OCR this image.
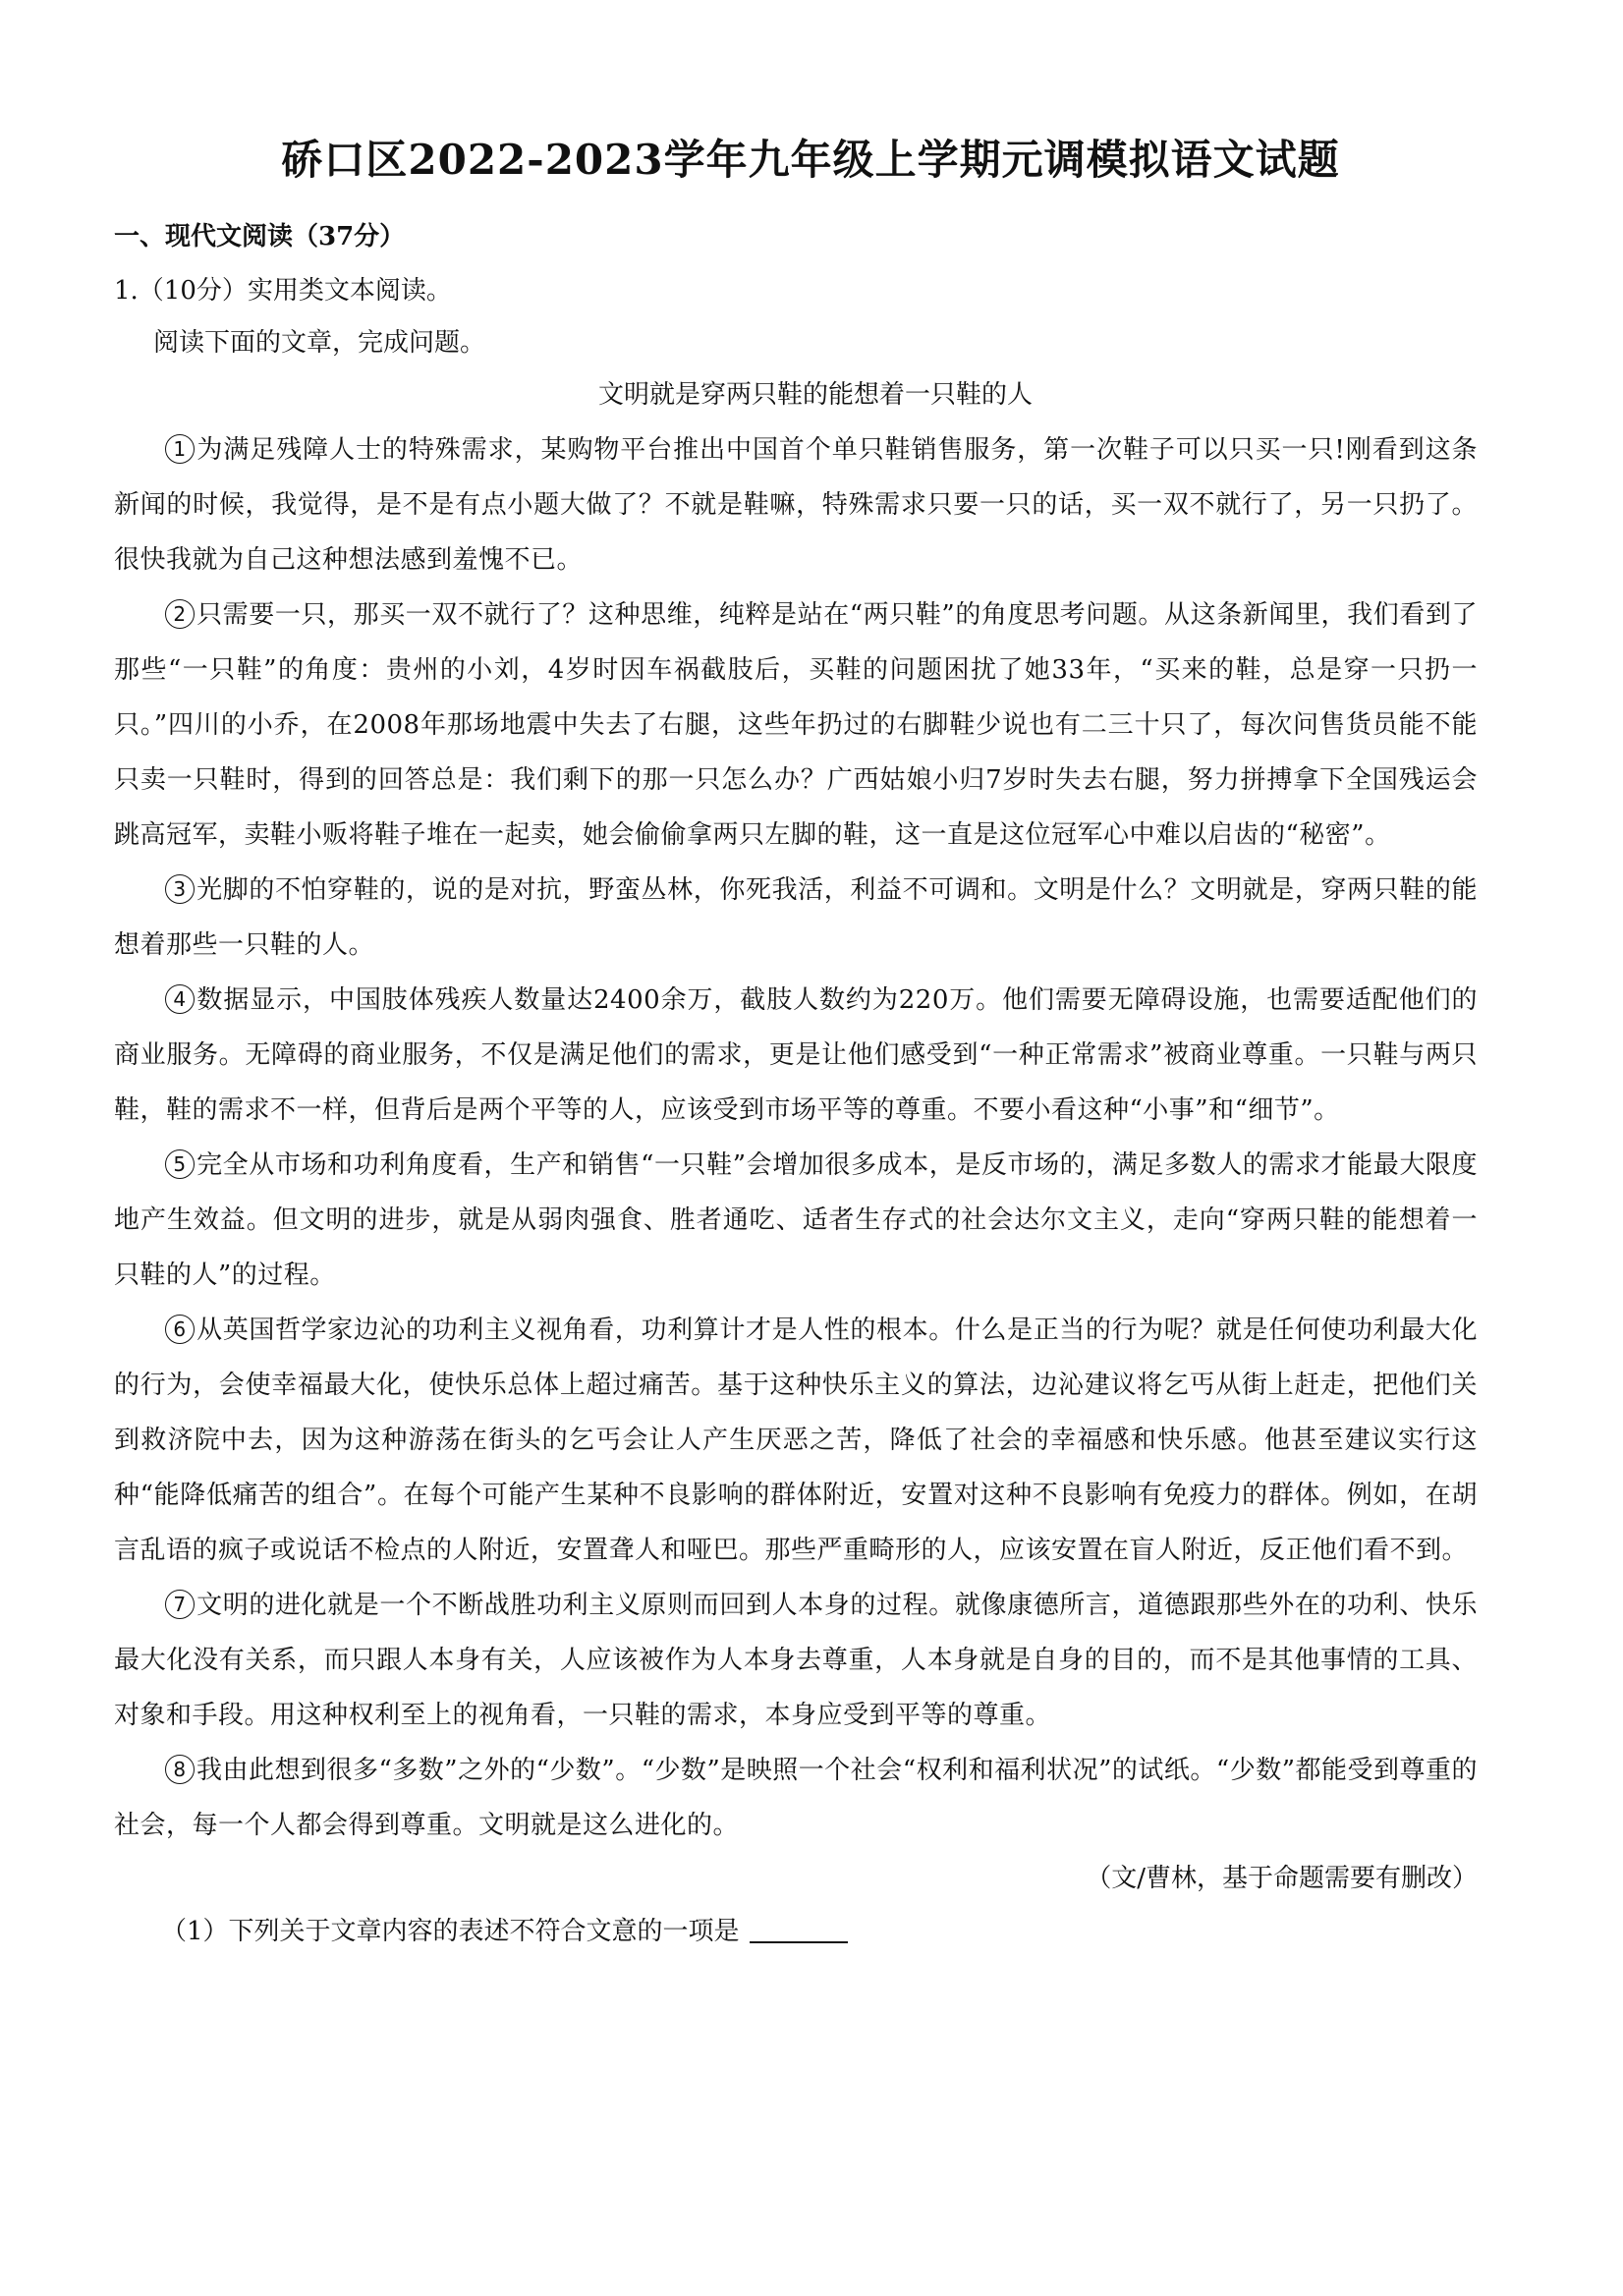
硚口区2022-2023学年九年级上学期元调模拟语文试题
一、现代文阅读（37分）
1.（10分）实用类文本阅读。
阅读下面的文章，完成问题。
文明就是穿两只鞋的能想着一只鞋的人

1 为满足残障人士的特殊需求，某购物平台推出中国首个单只鞋销售服务，第一次鞋子可以只买一只!刚看到这条新闻的时候，我觉得，是不是有点小题大做了？不就是鞋嘛，特殊需求只要一只的话，买一双不就行了，另一只扔了。很快我就为自己这种想法感到羞愧不已。

2 只需要一只，那买一双不就行了？这种思维，纯粹是站在“两只鞋”的角度思考问题。从这条新闻里，我们看到了那些“一只鞋”的角度：贵州的小刘，4岁时因车祸截肢后，买鞋的问题困扰了她33年，“买来的鞋，总是穿一只扔一只。”四川的小乔，在2008年那场地震中失去了右腿，这些年扔过的右脚鞋少说也有二三十只了，每次问售货员能不能只卖一只鞋时，得到的回答总是：我们剩下的那一只怎么办？广西姑娘小归7岁时失去右腿，努力拼搏拿下全国残运会跳高冠军，卖鞋小贩将鞋子堆在一起卖，她会偷偷拿两只左脚的鞋，这一直是这位冠军心中难以启齿的“秘密”。

3 光脚的不怕穿鞋的，说的是对抗，野蛮丛林，你死我活，利益不可调和。文明是什么？文明就是，穿两只鞋的能想着那些一只鞋的人。

4 数据显示，中国肢体残疾人数量达2400余万，截肢人数约为220万。他们需要无障碍设施，也需要适配他们的商业服务。无障碍的商业服务，不仅是满足他们的需求，更是让他们感受到“一种正常需求”被商业尊重。一只鞋与两只鞋，鞋的需求不一样，但背后是两个平等的人，应该受到市场平等的尊重。不要小看这种“小事”和“细节”。

5 完全从市场和功利角度看，生产和销售“一只鞋”会增加很多成本，是反市场的，满足多数人的需求才能最大限度地产生效益。但文明的进步，就是从弱肉强食、胜者通吃、适者生存式的社会达尔文主义，走向“穿两只鞋的能想着一只鞋的人”的过程。

6 从英国哲学家边沁的功利主义视角看，功利算计才是人性的根本。什么是正当的行为呢？就是任何使功利最大化的行为，会使幸福最大化，使快乐总体上超过痛苦。基于这种快乐主义的算法，边沁建议将乞丐从街上赶走，把他们关到救济院中去，因为这种游荡在街头的乞丐会让人产生厌恶之苦，降低了社会的幸福感和快乐感。他甚至建议实行这种“能降低痛苦的组合”。在每个可能产生某种不良影响的群体附近，安置对这种不良影响有免疫力的群体。例如，在胡言乱语的疯子或说话不检点的人附近，安置聋人和哑巴。那些严重畸形的人，应该安置在盲人附近，反正他们看不到。

7 文明的进化就是一个不断战胜功利主义原则而回到人本身的过程。就像康德所言，道德跟那些外在的功利、快乐最大化没有关系，而只跟人本身有关，人应该被作为人本身去尊重，人本身就是自身的目的，而不是其他事情的工具、对象和手段。用这种权利至上的视角看，一只鞋的需求，本身应受到平等的尊重。

8 我由此想到很多“多数”之外的“少数”。“少数”是映照一个社会“权利和福利状况”的试纸。“少数”都能受到尊重的社会，每一个人都会得到尊重。文明就是这么进化的。

（文/曹林，基于命题需要有删改）
（1）下列关于文章内容的表述不符合文意的一项是
